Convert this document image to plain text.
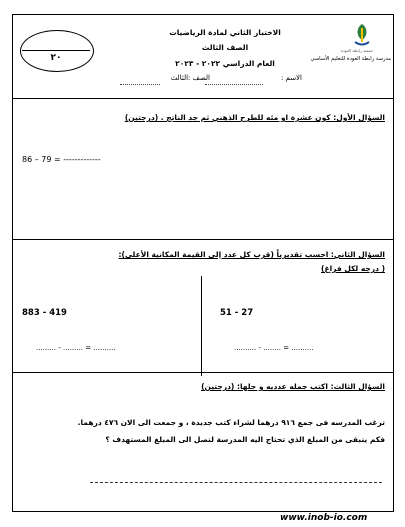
٢٠
الاختبار الثاني لمادة الرياضيات
الصف الثالث
العام الدراسي ٢٠٢٢ - ٢٠٢٣
جمعية رابطة العودة
مدرسة رابطة العودة للتعليم الأساسي
الاسم :
الصف :الثالث
السؤال الأول: كون عشرة او مئه للطرح الذهني ثم جد الناتج . (درجتين)
86 – 79 = -------------
السؤال الثاني: احسب تقديرياً (قرب كل عدد إلى القيمة المكانية الأعلى):
( درجه لكل فراغ)
883 - 419	51 - 27
......... - ......... = ..........	.......... - ........ = ..........
السؤال الثالث: اكتب جمله عدديه و حلها: (درجتين)
ترغب المدرسه فى جمع ٩١٦ درهما لشراء كتب جديدة ، و جمعت الى الان ٤٧٦ درهما.
فكم يتبقى من المبلغ الذي تحتاج اليه المدرسة لتصل الى المبلغ المستهدف ؟
www.inob-io.com
